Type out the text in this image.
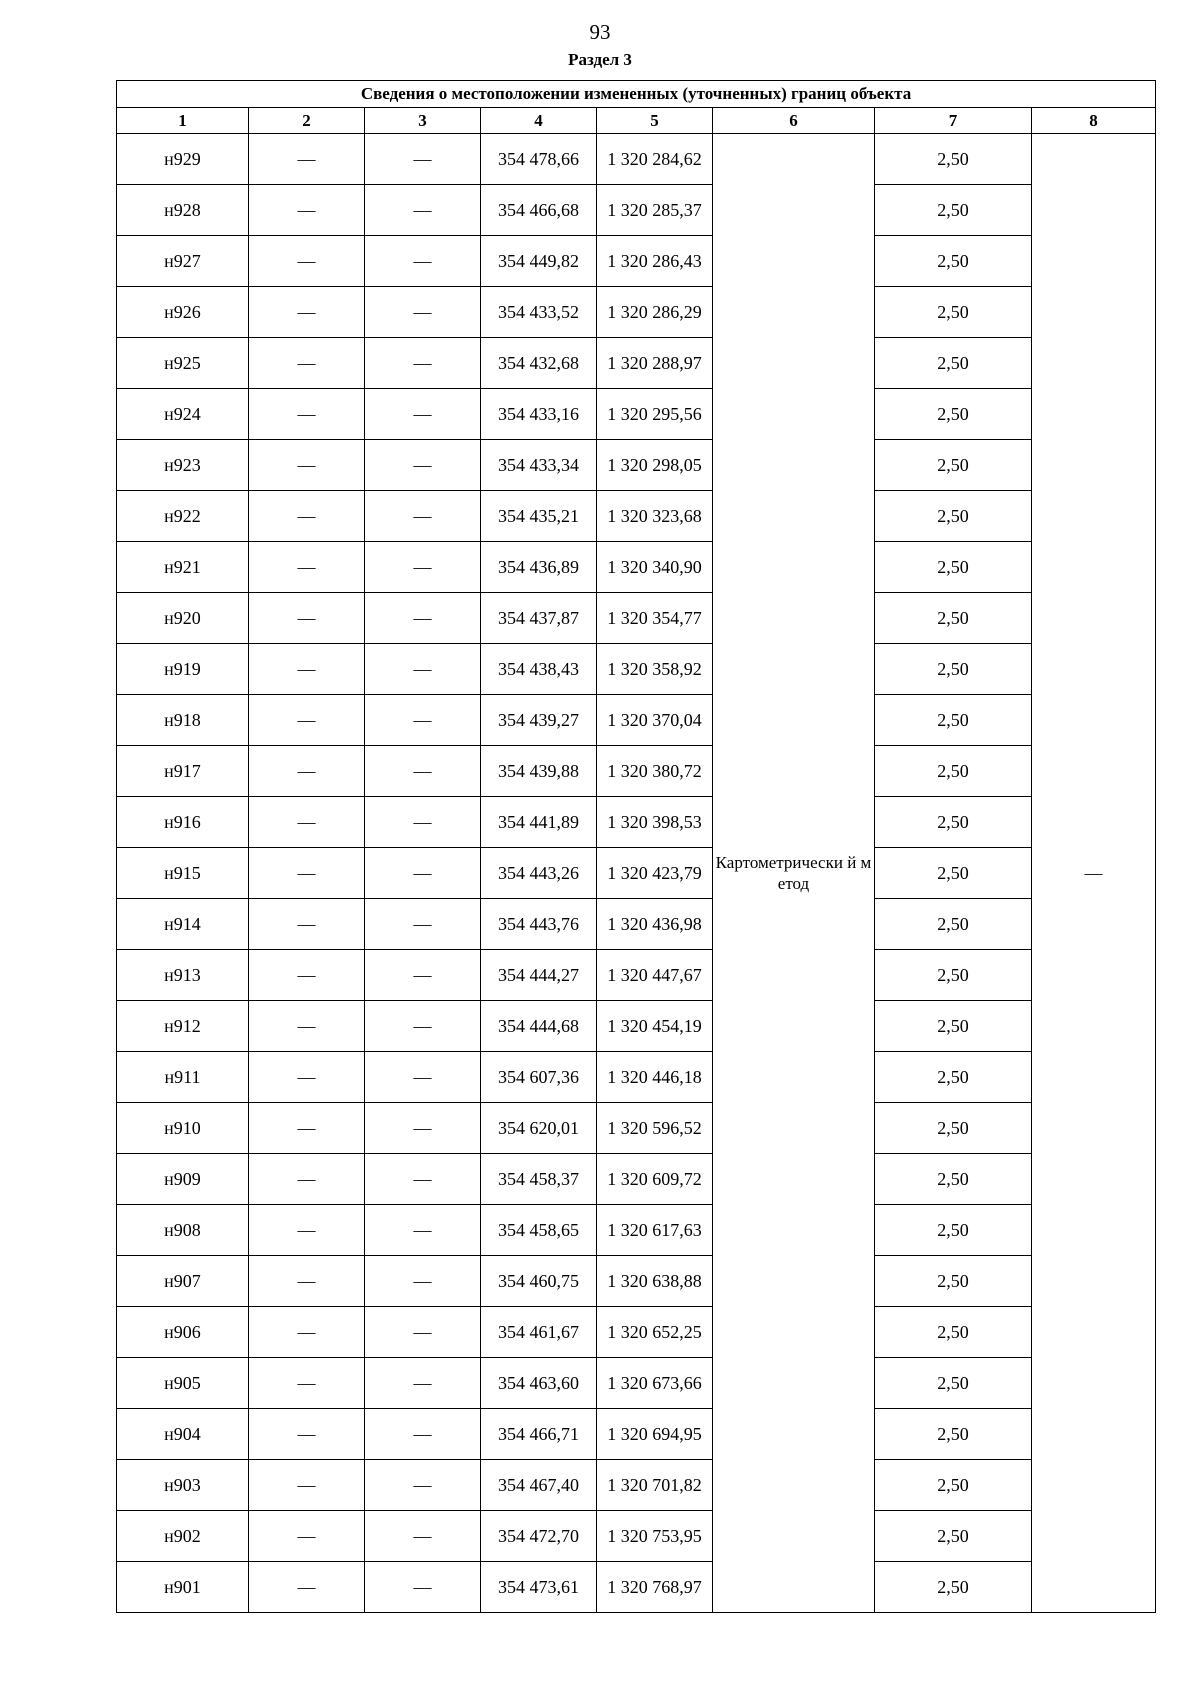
93
Раздел 3
Сведения о местоположении измененных (уточненных) границ объекта							
1	2	3	4	5	6	7	8
н929	—	—	354 478,66	1 320 284,62	Картометрически й метод	2,50	—
н928	—	—	354 466,68	1 320 285,37		2,50	
н927	—	—	354 449,82	1 320 286,43		2,50	
н926	—	—	354 433,52	1 320 286,29		2,50	
н925	—	—	354 432,68	1 320 288,97		2,50	
н924	—	—	354 433,16	1 320 295,56		2,50	
н923	—	—	354 433,34	1 320 298,05		2,50	
н922	—	—	354 435,21	1 320 323,68		2,50	
н921	—	—	354 436,89	1 320 340,90		2,50	
н920	—	—	354 437,87	1 320 354,77		2,50	
н919	—	—	354 438,43	1 320 358,92		2,50	
н918	—	—	354 439,27	1 320 370,04		2,50	
н917	—	—	354 439,88	1 320 380,72		2,50	
н916	—	—	354 441,89	1 320 398,53		2,50	
н915	—	—	354 443,26	1 320 423,79		2,50	
н914	—	—	354 443,76	1 320 436,98		2,50	
н913	—	—	354 444,27	1 320 447,67		2,50	
н912	—	—	354 444,68	1 320 454,19		2,50	
н911	—	—	354 607,36	1 320 446,18		2,50	
н910	—	—	354 620,01	1 320 596,52		2,50	
н909	—	—	354 458,37	1 320 609,72		2,50	
н908	—	—	354 458,65	1 320 617,63		2,50	
н907	—	—	354 460,75	1 320 638,88		2,50	
н906	—	—	354 461,67	1 320 652,25		2,50	
н905	—	—	354 463,60	1 320 673,66		2,50	
н904	—	—	354 466,71	1 320 694,95		2,50	
н903	—	—	354 467,40	1 320 701,82		2,50	
н902	—	—	354 472,70	1 320 753,95		2,50	
н901	—	—	354 473,61	1 320 768,97		2,50	
